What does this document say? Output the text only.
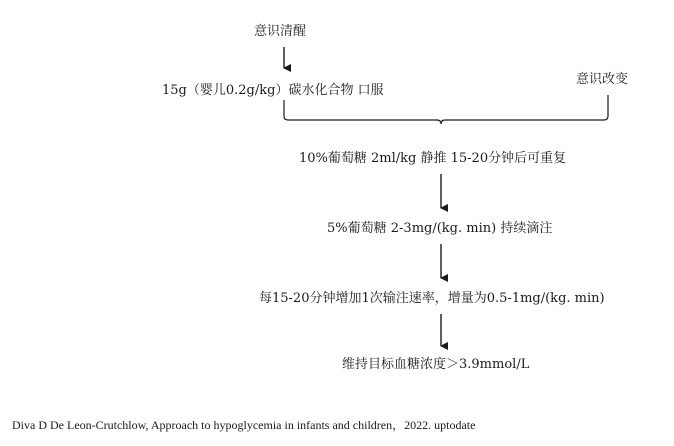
意识清醒
15g（婴儿0.2g/kg）碳水化合物 口服
意识改变
10%葡萄糖 2ml/kg 静推 15-20分钟后可重复
5%葡萄糖 2-3mg/(kg. min) 持续滴注
每15-20分钟增加1次输注速率，增量为0.5-1mg/(kg. min)
维持目标血糖浓度＞3.9mmol/L
Diva D De Leon-Crutchlow, Approach to hypoglycemia in infants and children，2022. uptodate
